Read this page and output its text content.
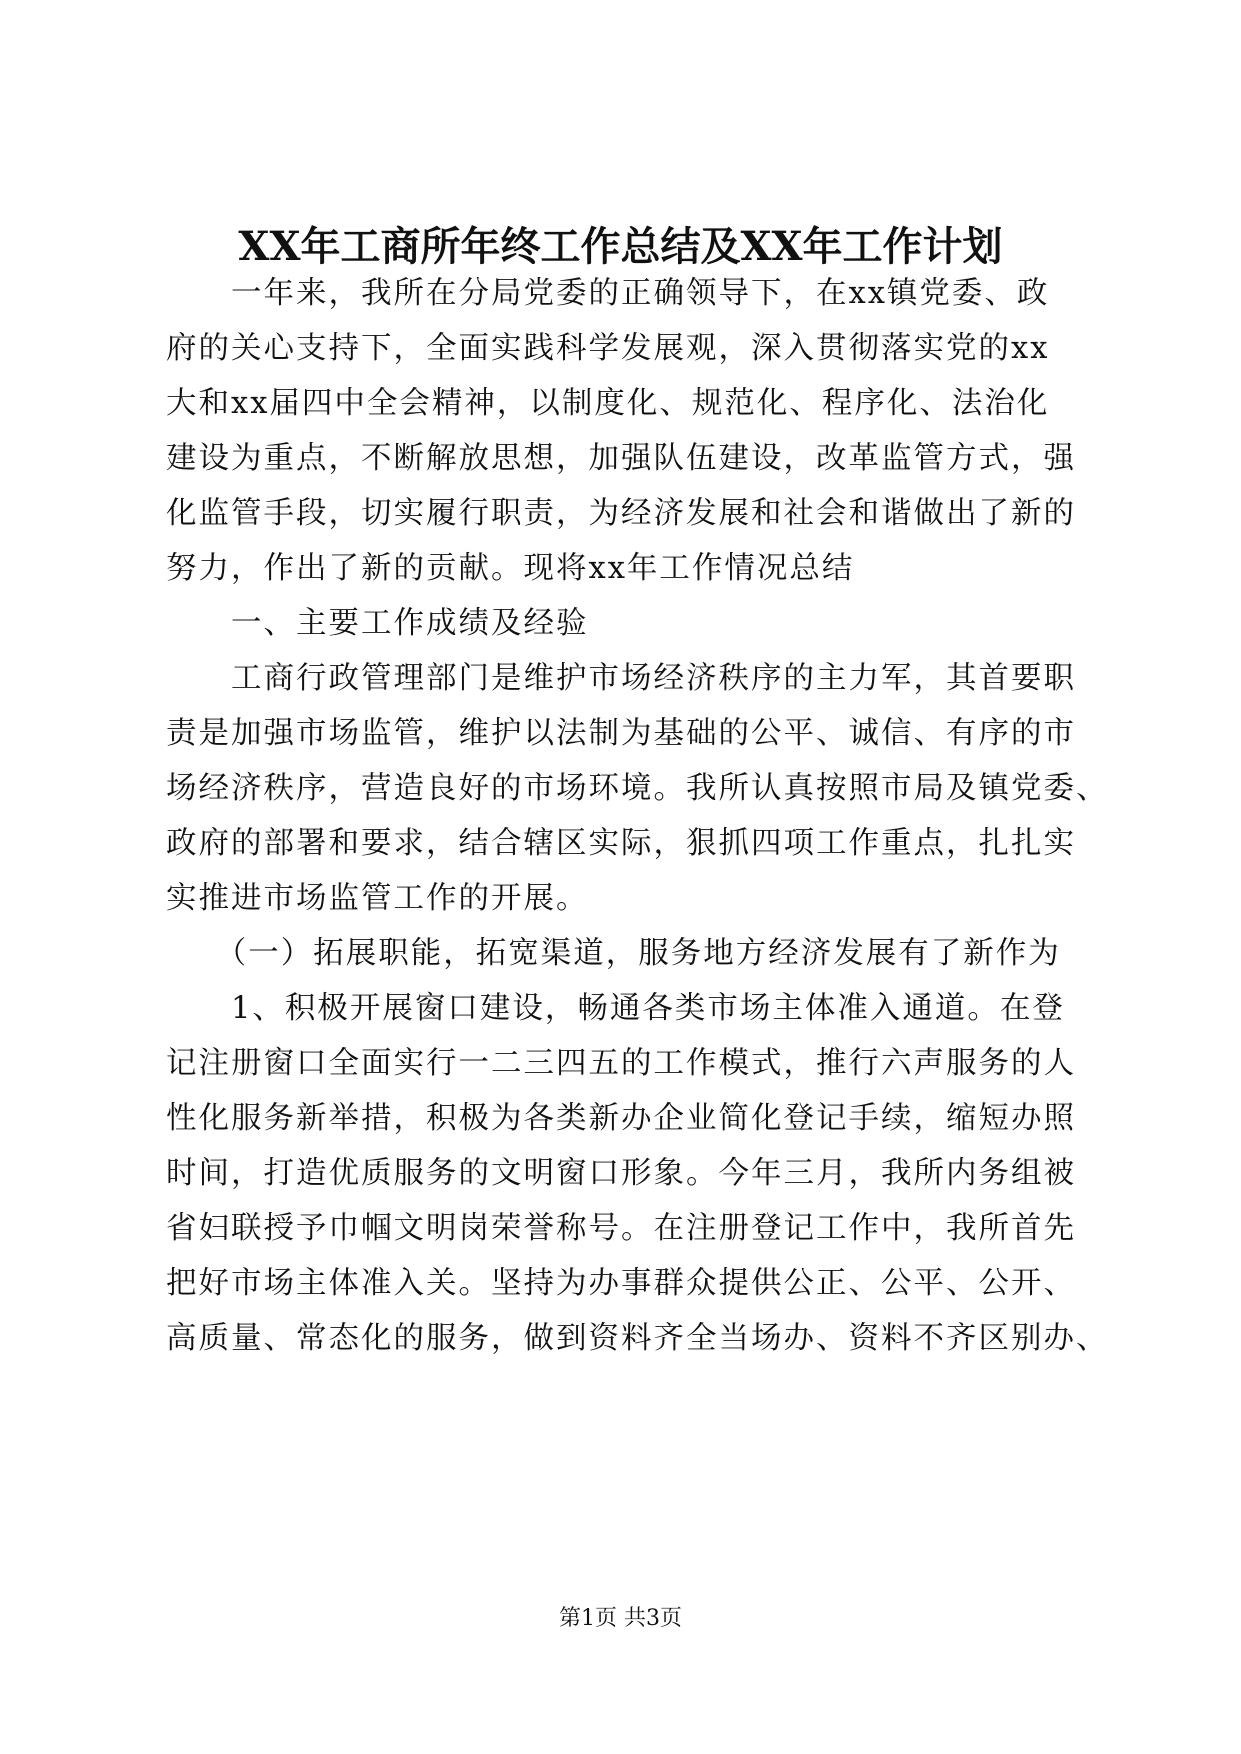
XX年工商所年终工作总结及XX年工作计划

　　一年来，我所在分局党委的正确领导下，在xx镇党委、政

府的关心支持下，全面实践科学发展观，深入贯彻落实党的xx

大和xx届四中全会精神，以制度化、规范化、程序化、法治化

建设为重点，不断解放思想，加强队伍建设，改革监管方式，强

化监管手段，切实履行职责，为经济发展和社会和谐做出了新的

努力，作出了新的贡献。现将xx年工作情况总结

　　一、主要工作成绩及经验

　　工商行政管理部门是维护市场经济秩序的主力军，其首要职

责是加强市场监管，维护以法制为基础的公平、诚信、有序的市

场经济秩序，营造良好的市场环境。我所认真按照市局及镇党委、

政府的部署和要求，结合辖区实际，狠抓四项工作重点，扎扎实

实推进市场监管工作的开展。

　　（一）拓展职能，拓宽渠道，服务地方经济发展有了新作为

　　1、积极开展窗口建设，畅通各类市场主体准入通道。在登

记注册窗口全面实行一二三四五的工作模式，推行六声服务的人

性化服务新举措，积极为各类新办企业简化登记手续，缩短办照

时间，打造优质服务的文明窗口形象。今年三月，我所内务组被

省妇联授予巾帼文明岗荣誉称号。在注册登记工作中，我所首先

把好市场主体准入关。坚持为办事群众提供公正、公平、公开、

高质量、常态化的服务，做到资料齐全当场办、资料不齐区别办、

第1页 共3页
